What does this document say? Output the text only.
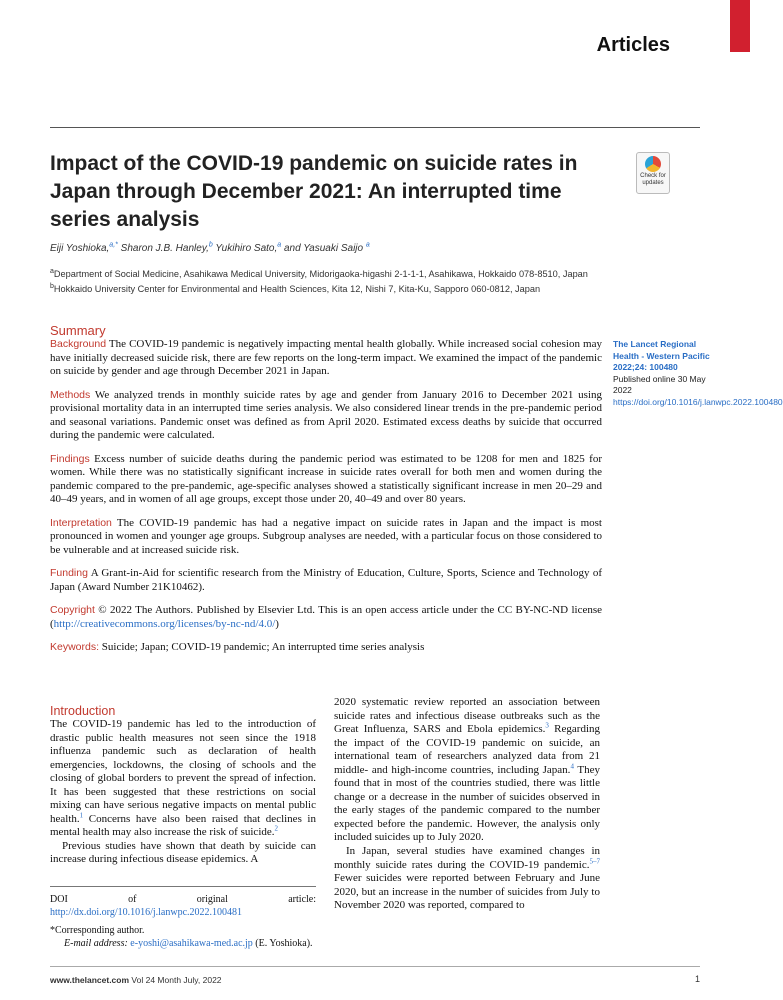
Articles
Impact of the COVID-19 pandemic on suicide rates in Japan through December 2021: An interrupted time series analysis
Check for
updates

Eiji Yoshioka,$^{a,*}$ Sharon J.B. Hanley,$^b$ Yukihiro Sato,$^a$ and Yasuaki Saijo $^a$

$^a$Department of Social Medicine, Asahikawa Medical University, Midorigaoka-higashi 2-1-1-1, Asahikawa, Hokkaido 078-8510, Japan

$^b$Hokkaido University Center for Environmental and Health Sciences, Kita 12, Nishi 7, Kita-Ku, Sapporo 060-0812, Japan

Summary

Background The COVID-19 pandemic is negatively impacting mental health globally. While increased social cohesion may have initially decreased suicide risk, there are few reports on the long-term impact. We examined the impact of the pandemic on suicide by gender and age through December 2021 in Japan.

Methods We analyzed trends in monthly suicide rates by age and gender from January 2016 to December 2021 using provisional mortality data in an interrupted time series analysis. We also considered linear trends in the pre-pandemic period and seasonal variations. Pandemic onset was defined as from April 2020. Estimated excess deaths by suicide that occurred during the pandemic were calculated.

Findings Excess number of suicide deaths during the pandemic period was estimated to be 1208 for men and 1825 for women. While there was no statistically significant increase in suicide rates overall for both men and women during the pandemic compared to the pre-pandemic, age-specific analyses showed a statistically significant increase in men 20–29 and 40–49 years, and in women of all age groups, except those under 20, 40–49 and over 80 years.

Interpretation The COVID-19 pandemic has had a negative impact on suicide rates in Japan and the impact is most pronounced in women and younger age groups. Subgroup analyses are needed, with a particular focus on those considered to be vulnerable and at increased suicide risk.

Funding A Grant-in-Aid for scientific research from the Ministry of Education, Culture, Sports, Science and Technology of Japan (Award Number 21K10462).

Copyright © 2022 The Authors. Published by Elsevier Ltd. This is an open access article under the CC BY-NC-ND license (http://creativecommons.org/licenses/by-nc-nd/4.0/)

Keywords: Suicide; Japan; COVID-19 pandemic; An interrupted time series analysis

The Lancet Regional Health - Western Pacific 2022;24: 100480
Published online 30 May 2022
https://doi.org/10.1016/j.lanwpc.2022.100480
Introduction

The COVID-19 pandemic has led to the introduction of drastic public health measures not seen since the 1918 influenza pandemic such as declaration of health emergencies, lockdowns, the closing of schools and the closing of global borders to prevent the spread of infection. It has been suggested that these restrictions on social mixing can have serious negative impacts on mental public health.$^1$ Concerns have also been raised that declines in mental health may also increase the risk of suicide.$^2$

Previous studies have shown that death by suicide can increase during infectious disease epidemics. A

2020 systematic review reported an association between suicide rates and infectious disease outbreaks such as the Great Influenza, SARS and Ebola epidemics.$^3$ Regarding the impact of the COVID-19 pandemic on suicide, an international team of researchers analyzed data from 21 middle- and high-income countries, including Japan.$^4$ They found that in most of the countries studied, there was little change or a decrease in the number of suicides observed in the early stages of the pandemic compared to the number expected before the pandemic. However, the analysis only included suicides up to July 2020.

In Japan, several studies have examined changes in monthly suicide rates during the COVID-19 pandemic.$^{5-7}$ Fewer suicides were reported between February and June 2020, but an increase in the number of suicides from July to November 2020 was reported, compared to

DOI of original article: http://dx.doi.org/10.1016/j.lanwpc.2022.100481

*Corresponding author.

E-mail address: e-yoshi@asahikawa-med.ac.jp (E. Yoshioka).

www.thelancet.com Vol 24 Month July, 2022	1
